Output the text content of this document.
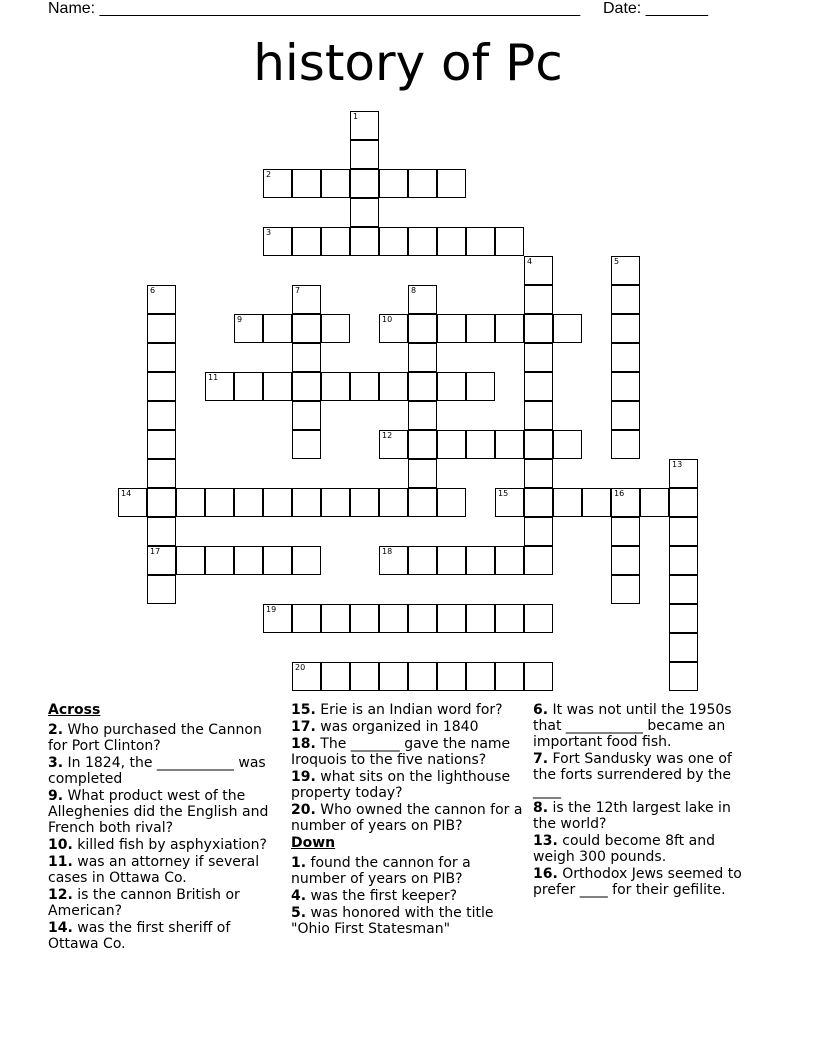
Name: ______________________________________________________ Date: _______
history of Pc
1
2
3
4	5
6
17
7	8
9	10
11
12
13
14	15	16
18
19
20
Across
2. Who purchased the Cannon for Port Clinton?
3. In 1824, the ___________ was completed
9. What product west of the Alleghenies did the English and French both rival?
10. killed fish by asphyxiation?
11. was an attorney if several cases in Ottawa Co.
12. is the cannon British or American?
14. was the first sheriff of Ottawa Co.
15. Erie is an Indian word for?
17. was organized in 1840
18. The _______ gave the name Iroquois to the five nations?
19. what sits on the lighthouse property today?
20. Who owned the cannon for a number of years on PIB?
Down
1. found the cannon for a number of years on PIB?
4. was the first keeper?
5. was honored with the title "Ohio First Statesman"
6. It was not until the 1950s that ___________ became an important food fish.
7. Fort Sandusky was one of the forts surrendered by the ____
8. is the 12th largest lake in the world?
13. could become 8ft and weigh 300 pounds.
16. Orthodox Jews seemed to prefer ____ for their gefilite.
